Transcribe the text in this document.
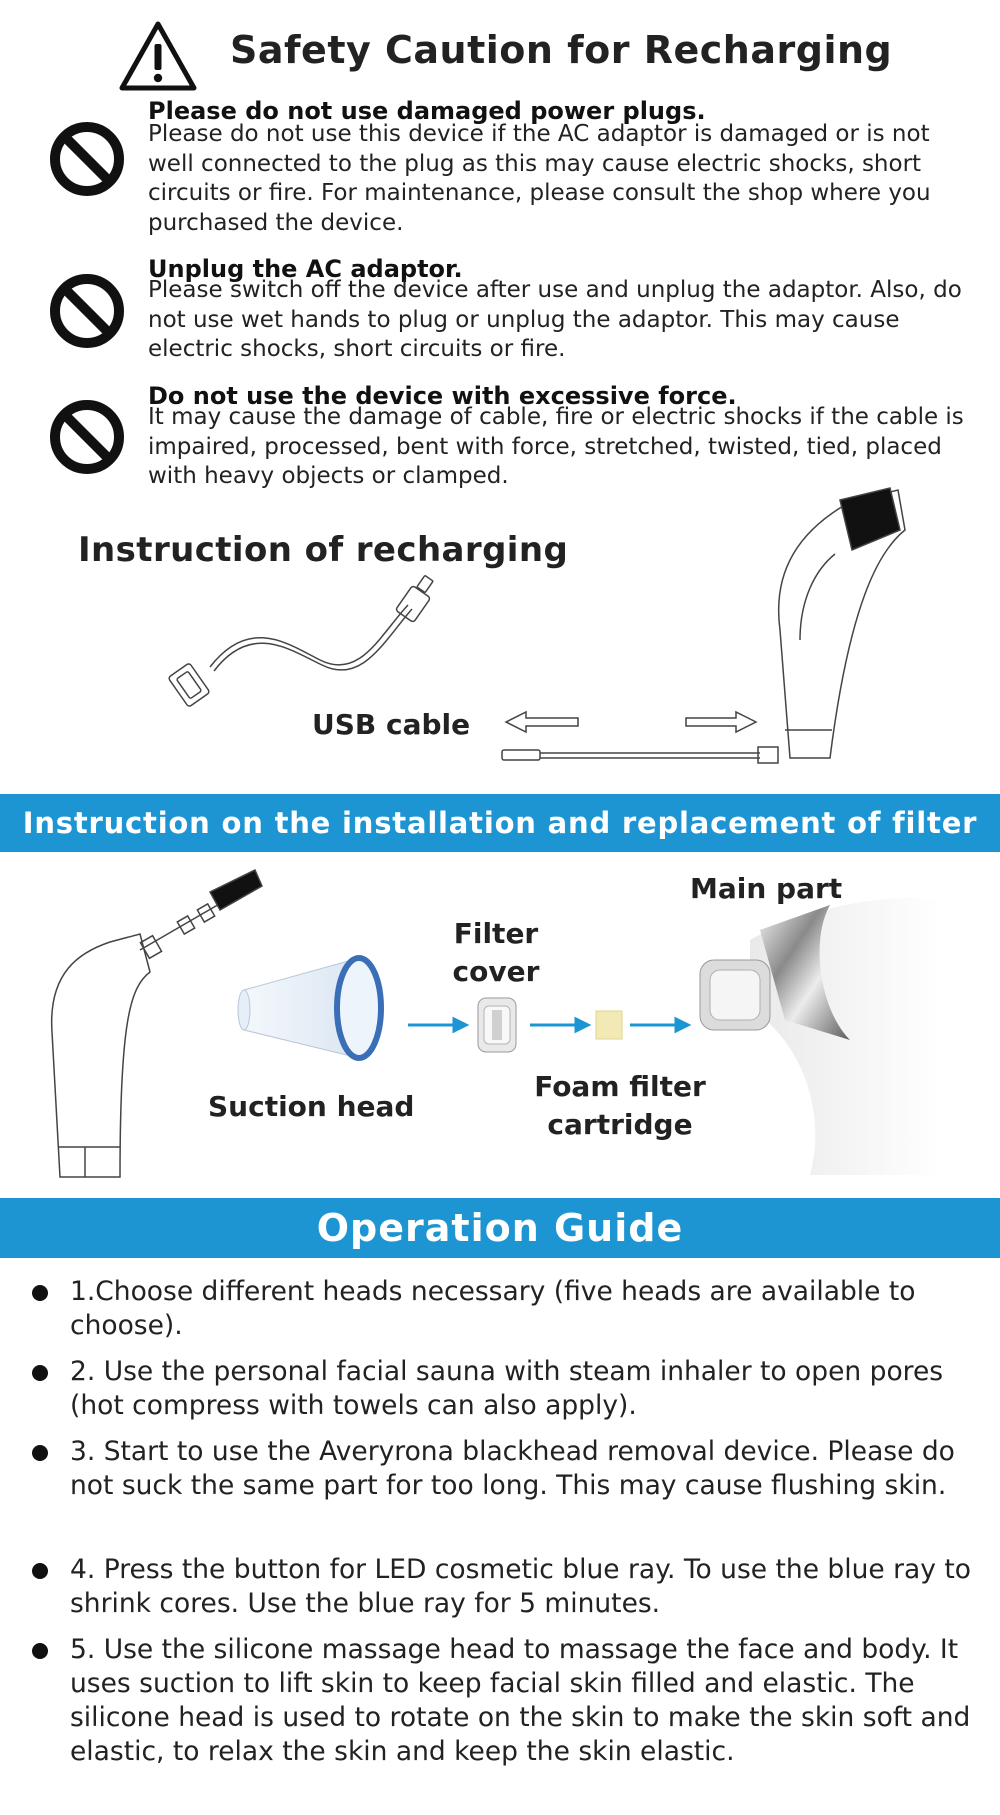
Safety Caution for Recharging
Please do not use damaged power plugs.
Please do not use this device if the AC adaptor is damaged or is not well connected to the plug as this may cause electric shocks, short circuits or fire. For maintenance, please consult the shop where you purchased the device.
Unplug the AC adaptor.
Please switch off the device after use and unplug the adaptor. Also, do not use wet hands to plug or unplug the adaptor. This may cause electric shocks, short circuits or fire.
Do not use the device with excessive force.
It may cause the damage of cable, fire or electric shocks if the cable is impaired, processed, bent with force, stretched, twisted, tied, placed with heavy objects or clamped.
Instruction of recharging
USB cable
Instruction on the installation and replacement of filter foam	Main part
Filter cover
Suction head
Foam filter cartridge
Operation Guide
1.Choose different heads necessary (five heads are available to choose).
2. Use the personal facial sauna with steam inhaler to open pores (hot compress with towels can also apply).
3. Start to use the Averyrona blackhead removal device. Please do not suck the same part for too long. This may cause flushing skin.
4. Press the button for LED cosmetic blue ray. To use the blue ray to shrink cores. Use the blue ray for 5 minutes.
5. Use the silicone massage head to massage the face and body. It uses suction to lift skin to keep facial skin filled and elastic. The silicone head is used to rotate on the skin to make the skin soft and elastic, to relax the skin and keep the skin elastic.
